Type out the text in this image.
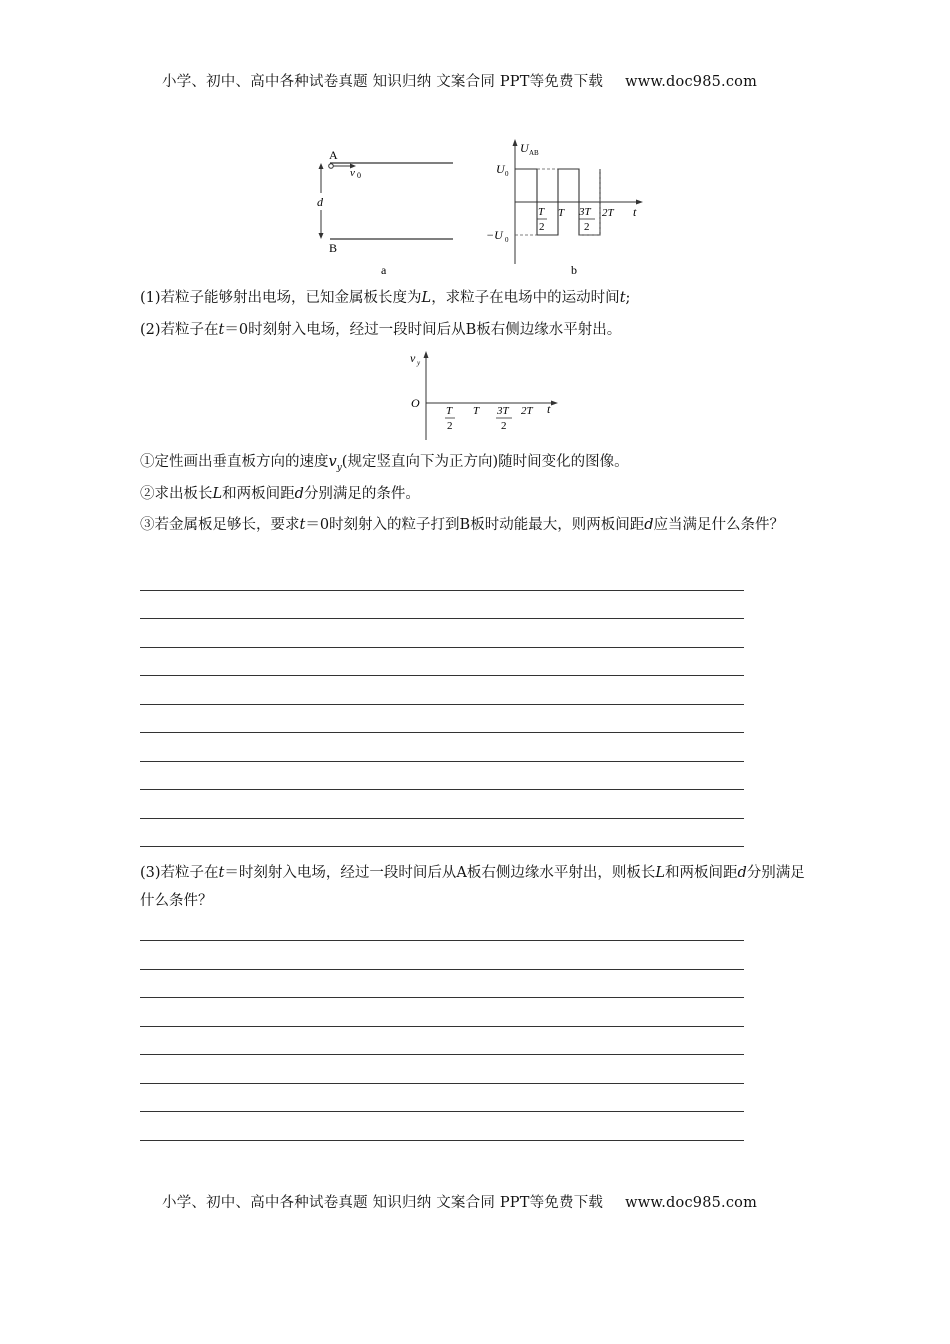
小学、初中、高中各种试卷真题 知识归纳 文案合同 PPT等免费下载 www.doc985.com
A
v 0
d
B
a
U AB
t
U 0
−U 0
T
2
T 3T
2
2T
b
(1)若粒子能够射出电场，已知金属板长度为L，求粒子在电场中的运动时间t;
(2)若粒子在t＝0时刻射入电场，经过一段时间后从B板右侧边缘水平射出。
v y
O	t
T
2
T 3T
2
2T
①定性画出垂直板方向的速度$v_y$(规定竖直向下为正方向)随时间变化的图像。
②求出板长L和两板间距d分别满足的条件。
③若金属板足够长，要求t＝0时刻射入的粒子打到B板时动能最大，则两板间距d应当满足什么条件？
(3)若粒子在t＝时刻射入电场，经过一段时间后从A板右侧边缘水平射出，则板长L和两板间距d分别满足什么条件？
小学、初中、高中各种试卷真题 知识归纳 文案合同 PPT等免费下载 www.doc985.com
